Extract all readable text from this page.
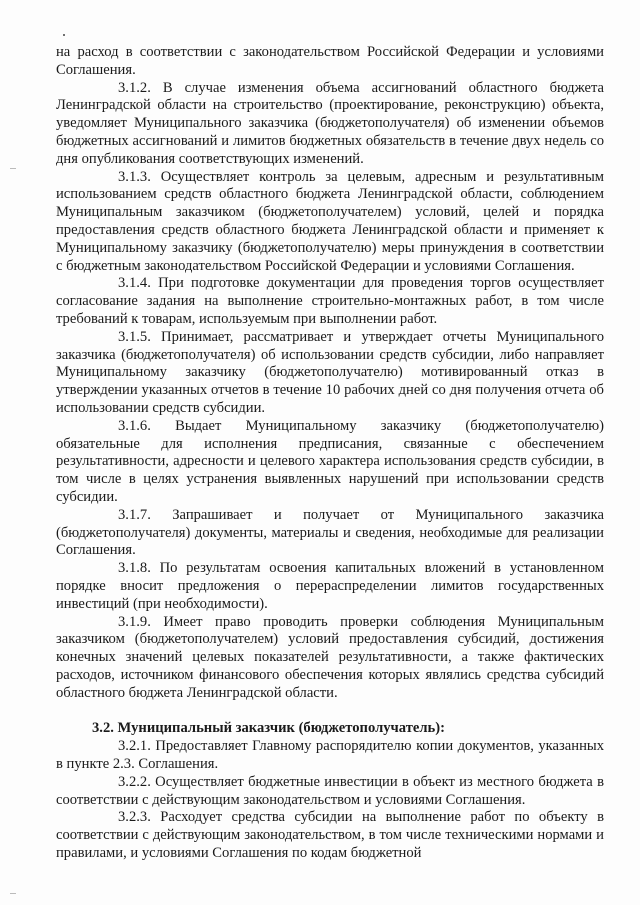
на расход в соответствии с законодательством Российской Федерации и условиями Соглашения.

3.1.2. В случае изменения объема ассигнований областного бюджета Ленинградской области на строительство (проектирование, реконструкцию) объекта, уведомляет Муниципального заказчика (бюджетополучателя) об изменении объемов бюджетных ассигнований и лимитов бюджетных обязательств в течение двух недель со дня опубликования соответствующих изменений.

3.1.3. Осуществляет контроль за целевым, адресным и результативным использованием средств областного бюджета Ленинградской области, соблюдением Муниципальным заказчиком (бюджетополучателем) условий, целей и порядка предоставления средств областного бюджета Ленинградской области и применяет к Муниципальному заказчику (бюджетополучателю) меры принуждения в соответствии с бюджетным законодательством Российской Федерации и условиями Соглашения.

3.1.4. При подготовке документации для проведения торгов осуществляет согласование задания на выполнение строительно-монтажных работ, в том числе требований к товарам, используемым при выполнении работ.

3.1.5. Принимает, рассматривает и утверждает отчеты Муниципального заказчика (бюджетополучателя) об использовании средств субсидии, либо направляет Муниципальному заказчику (бюджетополучателю) мотивированный отказ в утверждении указанных отчетов в течение 10 рабочих дней со дня получения отчета об использовании средств субсидии.

3.1.6. Выдает Муниципальному заказчику (бюджетополучателю) обязательные для исполнения предписания, связанные с обеспечением результативности, адресности и целевого характера использования средств субсидии, в том числе в целях устранения выявленных нарушений при использовании средств субсидии.

3.1.7. Запрашивает и получает от Муниципального заказчика (бюджетополучателя) документы, материалы и сведения, необходимые для реализации Соглашения.

3.1.8. По результатам освоения капитальных вложений в установленном порядке вносит предложения о перераспределении лимитов государственных инвестиций (при необходимости).

3.1.9. Имеет право проводить проверки соблюдения Муниципальным заказчиком (бюджетополучателем) условий предоставления субсидий, достижения конечных значений целевых показателей результативности, а также фактических расходов, источником финансового обеспечения которых являлись средства субсидий областного бюджета Ленинградской области.

3.2. Муниципальный заказчик (бюджетополучатель):

3.2.1. Предоставляет Главному распорядителю копии документов, указанных в пункте 2.3. Соглашения.

3.2.2. Осуществляет бюджетные инвестиции в объект из местного бюджета в соответствии с действующим законодательством и условиями Соглашения.

3.2.3. Расходует средства субсидии на выполнение работ по объекту в соответствии с действующим законодательством, в том числе техническими нормами и правилами, и условиями Соглашения по кодам бюджетной
